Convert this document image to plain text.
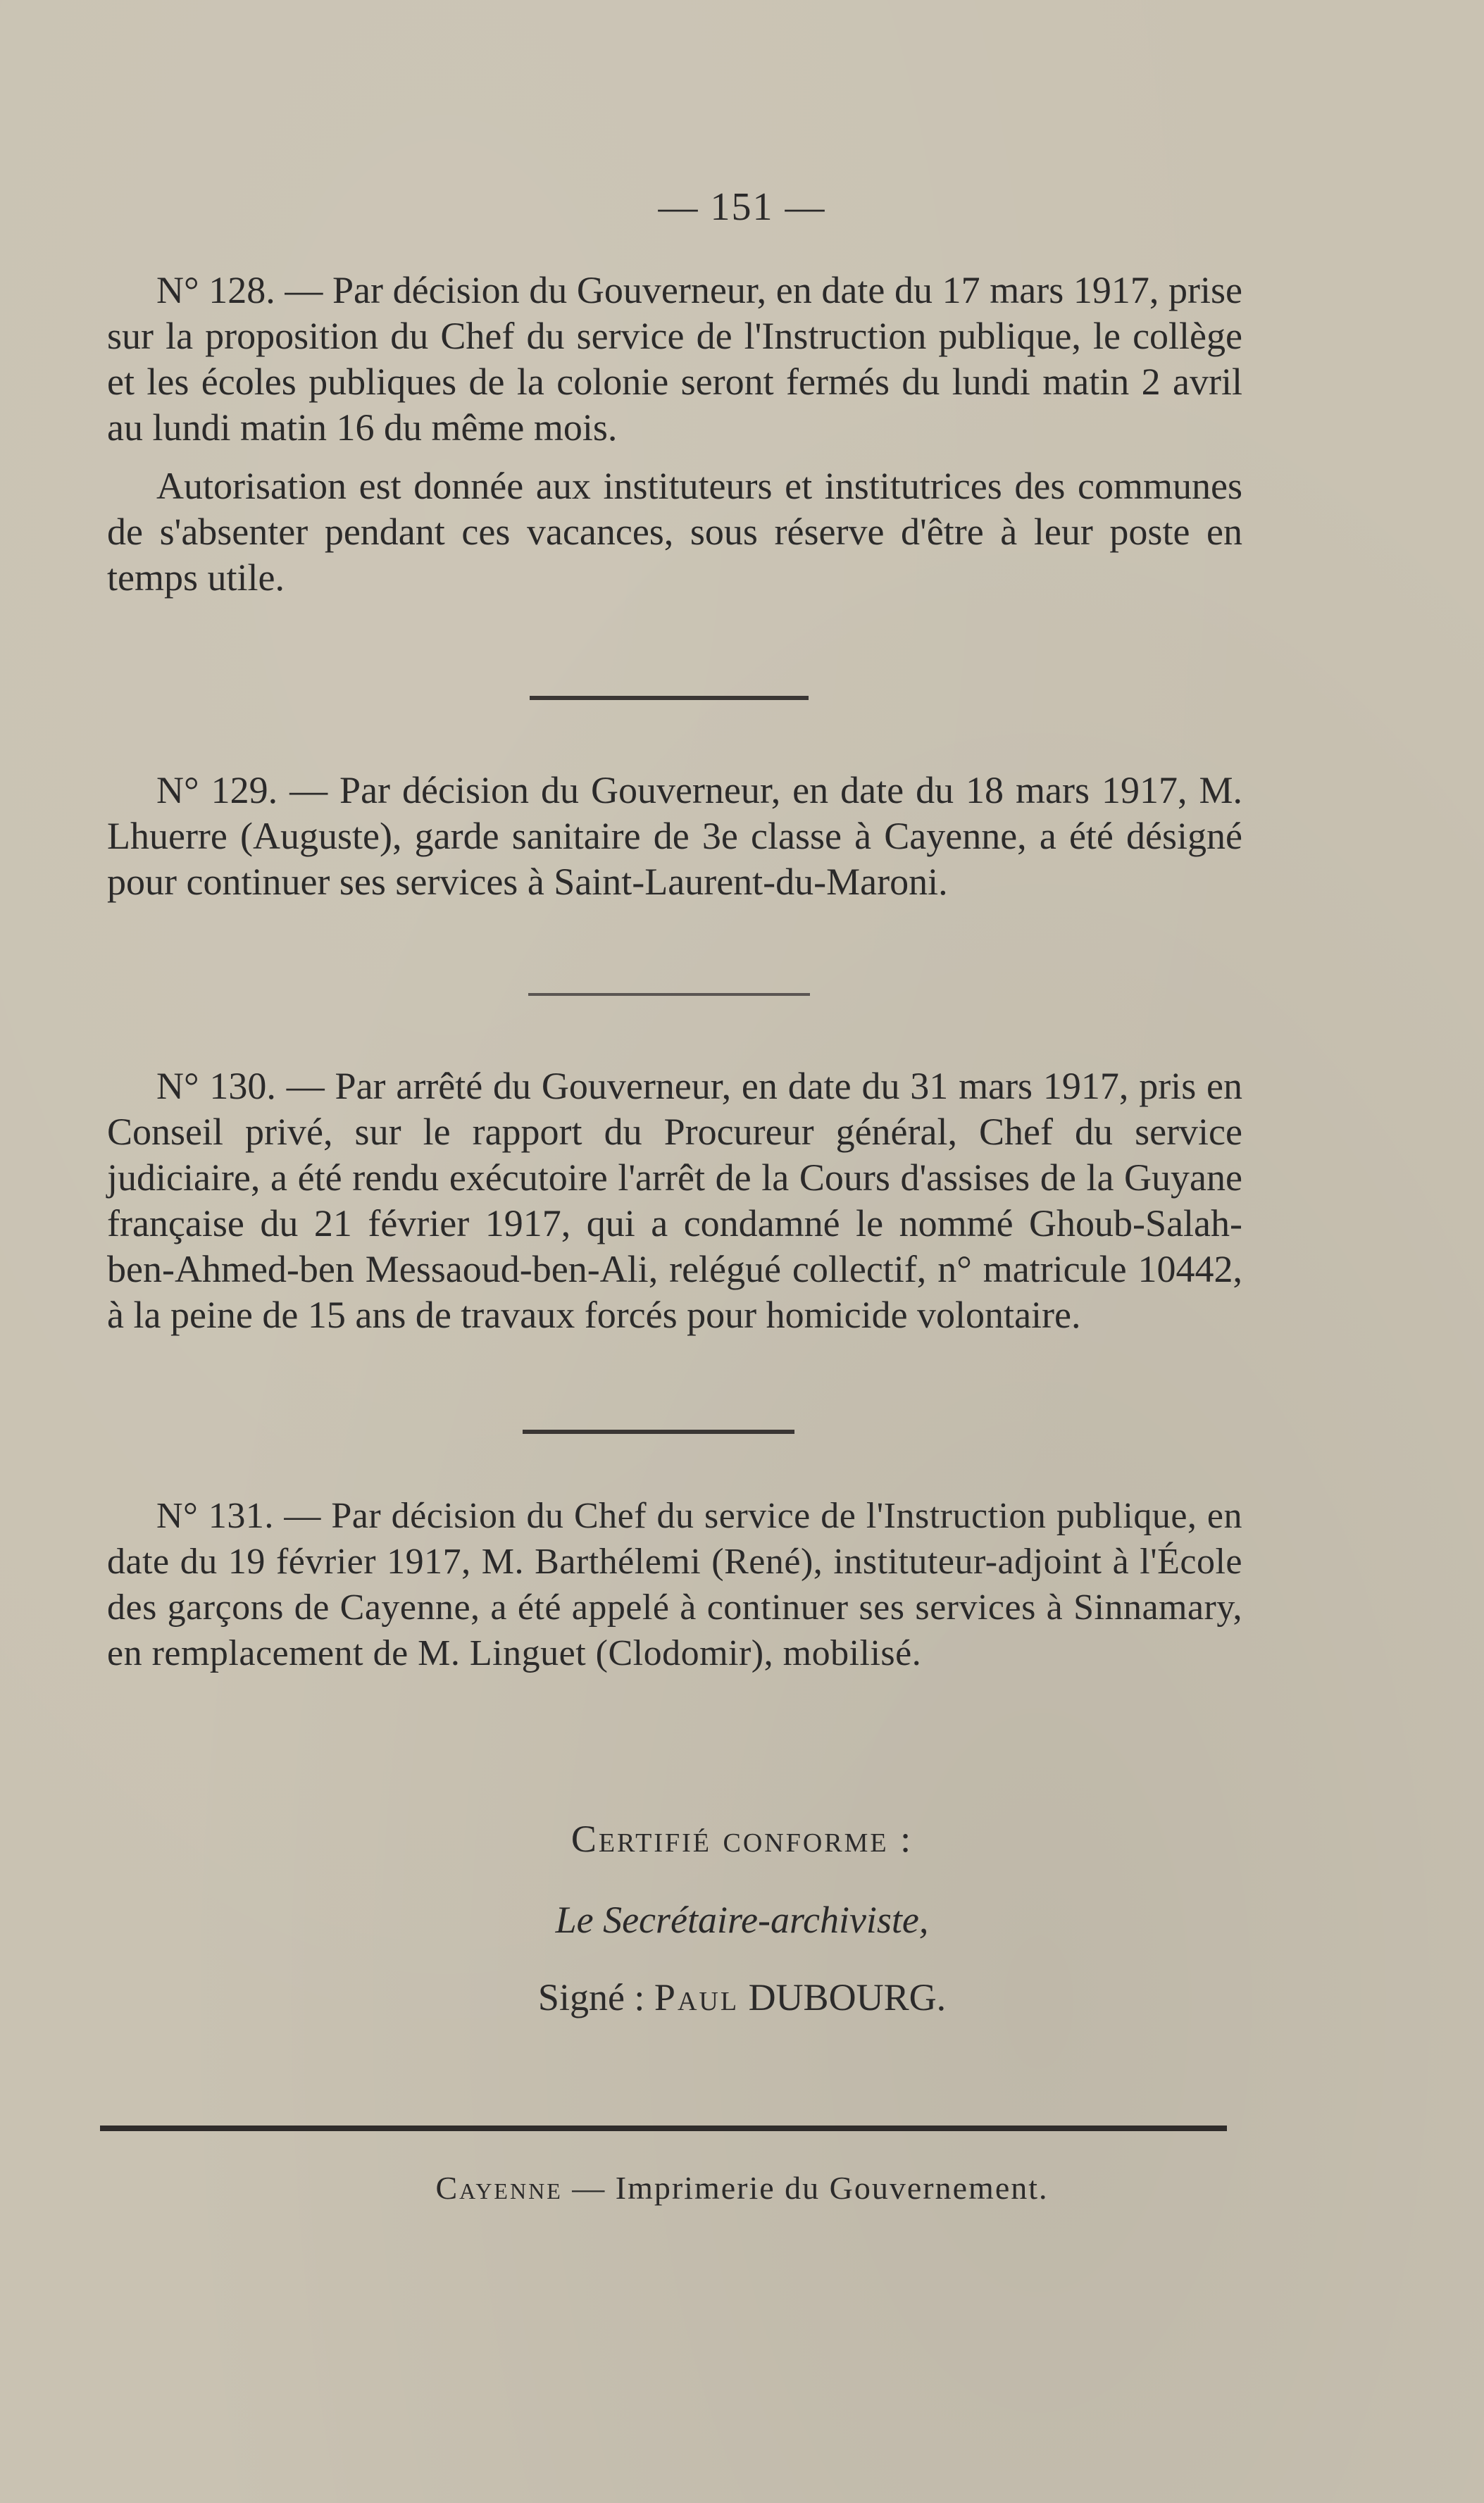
— 151 —

N° 128. — Par décision du Gouverneur, en date du 17 mars 1917, prise sur la proposition du Chef du service de l'Instruction publique, le collège et les écoles publiques de la colonie seront fermés du lundi matin 2 avril au lundi matin 16 du même mois.

Autorisation est donnée aux instituteurs et institutrices des communes de s'absenter pendant ces vacances, sous réserve d'être à leur poste en temps utile.

N° 129. — Par décision du Gouverneur, en date du 18 mars 1917, M. Lhuerre (Auguste), garde sanitaire de 3e classe à Cayenne, a été désigné pour continuer ses services à Saint-Laurent-du-Maroni.

N° 130. — Par arrêté du Gouverneur, en date du 31 mars 1917, pris en Conseil privé, sur le rapport du Procureur général, Chef du service judiciaire, a été rendu exécutoire l'arrêt de la Cours d'assises de la Guyane française du 21 février 1917, qui a condamné le nommé Ghoub-Salah-ben-Ahmed-ben Messaoud-ben-Ali, relégué collectif, n° matricule 10442, à la peine de 15 ans de travaux forcés pour homicide volontaire.

N° 131. — Par décision du Chef du service de l'Instruction publique, en date du 19 février 1917, M. Barthélemi (René), instituteur-adjoint à l'École des garçons de Cayenne, a été appelé à continuer ses services à Sinnamary, en remplacement de M. Linguet (Clodomir), mobilisé.

Certifié conforme :
Le Secrétaire-archiviste,
Signé : Paul DUBOURG.
Cayenne — Imprimerie du Gouvernement.
